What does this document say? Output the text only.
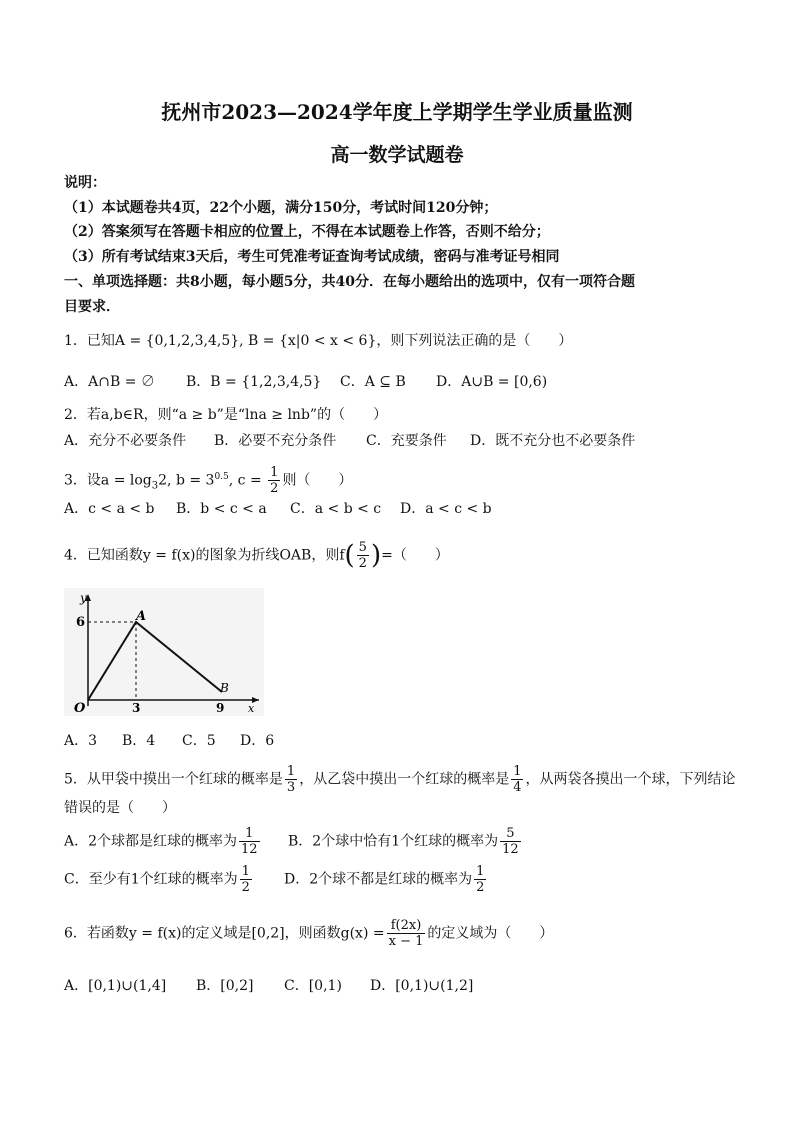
抚州市2023—2024学年度上学期学生学业质量监测
高一数学试题卷
说明：
（1）本试题卷共4页，22个小题，满分150分，考试时间120分钟；
（2）答案须写在答题卡相应的位置上，不得在本试题卷上作答，否则不给分；
（3）所有考试结束3天后，考生可凭准考证查询考试成绩，密码与准考证号相同
一、单项选择题：共8小题，每小题5分，共40分．在每小题给出的选项中，仅有一项符合题
目要求．
1．已知A = {0,1,2,3,4,5}, B = {x|0 < x < 6}，则下列说法正确的是（　　）
A．A∩B = ∅ B．B = {1,2,3,4,5} C．A ⊆ B D．A∪B = [0,6)
2．若a,b∈R，则“a ≥ b”是“lna ≥ lnb”的（　　）
A．充分不必要条件 B．必要不充分条件 C．充要条件 D．既不充分也不必要条件
3．设$a = \log_32$, $b = 3^{0.5}$, $c = \frac{1}{2}$ 则（　　）
A．c < a < b B．b < c < a C．a < b < c D．a < c < b
4．已知函数y = f(x)的图象为折线OAB，则$f( \frac{5}{2}$ )=（　　）
y
x
O
A
B
6
3	9
A．3 B．4 C．5 D．6
5．从甲袋中摸出一个红球的概率是 $\frac{1}{3}$ ，从乙袋中摸出一个红球的概率是 $\frac{1}{4}$ ，从两袋各摸出一个球，下列结论
错误的是（　　）
A．2个球都是红球的概率为 $\frac{1}{12}$ B．2个球中恰有1个红球的概率为 $\frac{5}{12}$
C．至少有1个红球的概率为 $\frac{1}{2}$ D．2个球不都是红球的概率为 $\frac{1}{2}$
6．若函数y = f(x)的定义域是[0,2]，则函数$g(x) = \frac{f(2x)}{x - 1}$ 的定义域为（　　）
A．[0,1)∪(1,4] B．[0,2] C．[0,1) D．[0,1)∪(1,2]
